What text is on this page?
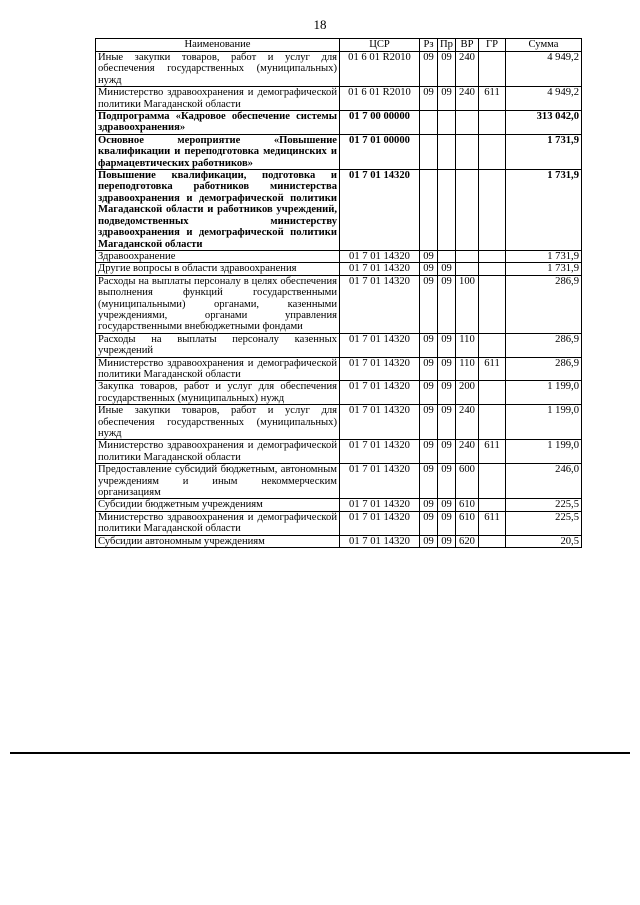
18
Наименование	ЦСР	Рз	Пр	ВР	ГР	Сумма
Иные закупки товаров, работ и услуг для обеспечения государственных (муниципальных) нужд	01 6 01 R2010	09	09	240		4 949,2
Министерство здравоохранения и демографической политики Магаданской области	01 6 01 R2010	09	09	240	611	4 949,2
Подпрограмма «Кадровое обеспечение системы здравоохранения»	01 7 00 00000					313 042,0
Основное мероприятие «Повышение квалификации и переподготовка медицинских и фармацевтических работников»	01 7 01 00000					1 731,9
Повышение квалификации, подготовка и переподготовка работников министерства здравоохранения и демографической политики Магаданской области и работников учреждений, подведомственных министерству здравоохранения и демографической политики Магаданской области	01 7 01 14320					1 731,9
Здравоохранение	01 7 01 14320	09				1 731,9
Другие вопросы в области здравоохранения	01 7 01 14320	09	09			1 731,9
Расходы на выплаты персоналу в целях обеспечения выполнения функций государственными (муниципальными) органами, казенными учреждениями, органами управления государственными внебюджетными фондами	01 7 01 14320	09	09	100		286,9
Расходы на выплаты персоналу казенных учреждений	01 7 01 14320	09	09	110		286,9
Министерство здравоохранения и демографической политики Магаданской области	01 7 01 14320	09	09	110	611	286,9
Закупка товаров, работ и услуг для обеспечения государственных (муниципальных) нужд	01 7 01 14320	09	09	200		1 199,0
Иные закупки товаров, работ и услуг для обеспечения государственных (муниципальных) нужд	01 7 01 14320	09	09	240		1 199,0
Министерство здравоохранения и демографической политики Магаданской области	01 7 01 14320	09	09	240	611	1 199,0
Предоставление субсидий бюджетным, автономным учреждениям и иным некоммерческим организациям	01 7 01 14320	09	09	600		246,0
Субсидии бюджетным учреждениям	01 7 01 14320	09	09	610		225,5
Министерство здравоохранения и демографической политики Магаданской области	01 7 01 14320	09	09	610	611	225,5
Субсидии автономным учреждениям	01 7 01 14320	09	09	620		20,5
